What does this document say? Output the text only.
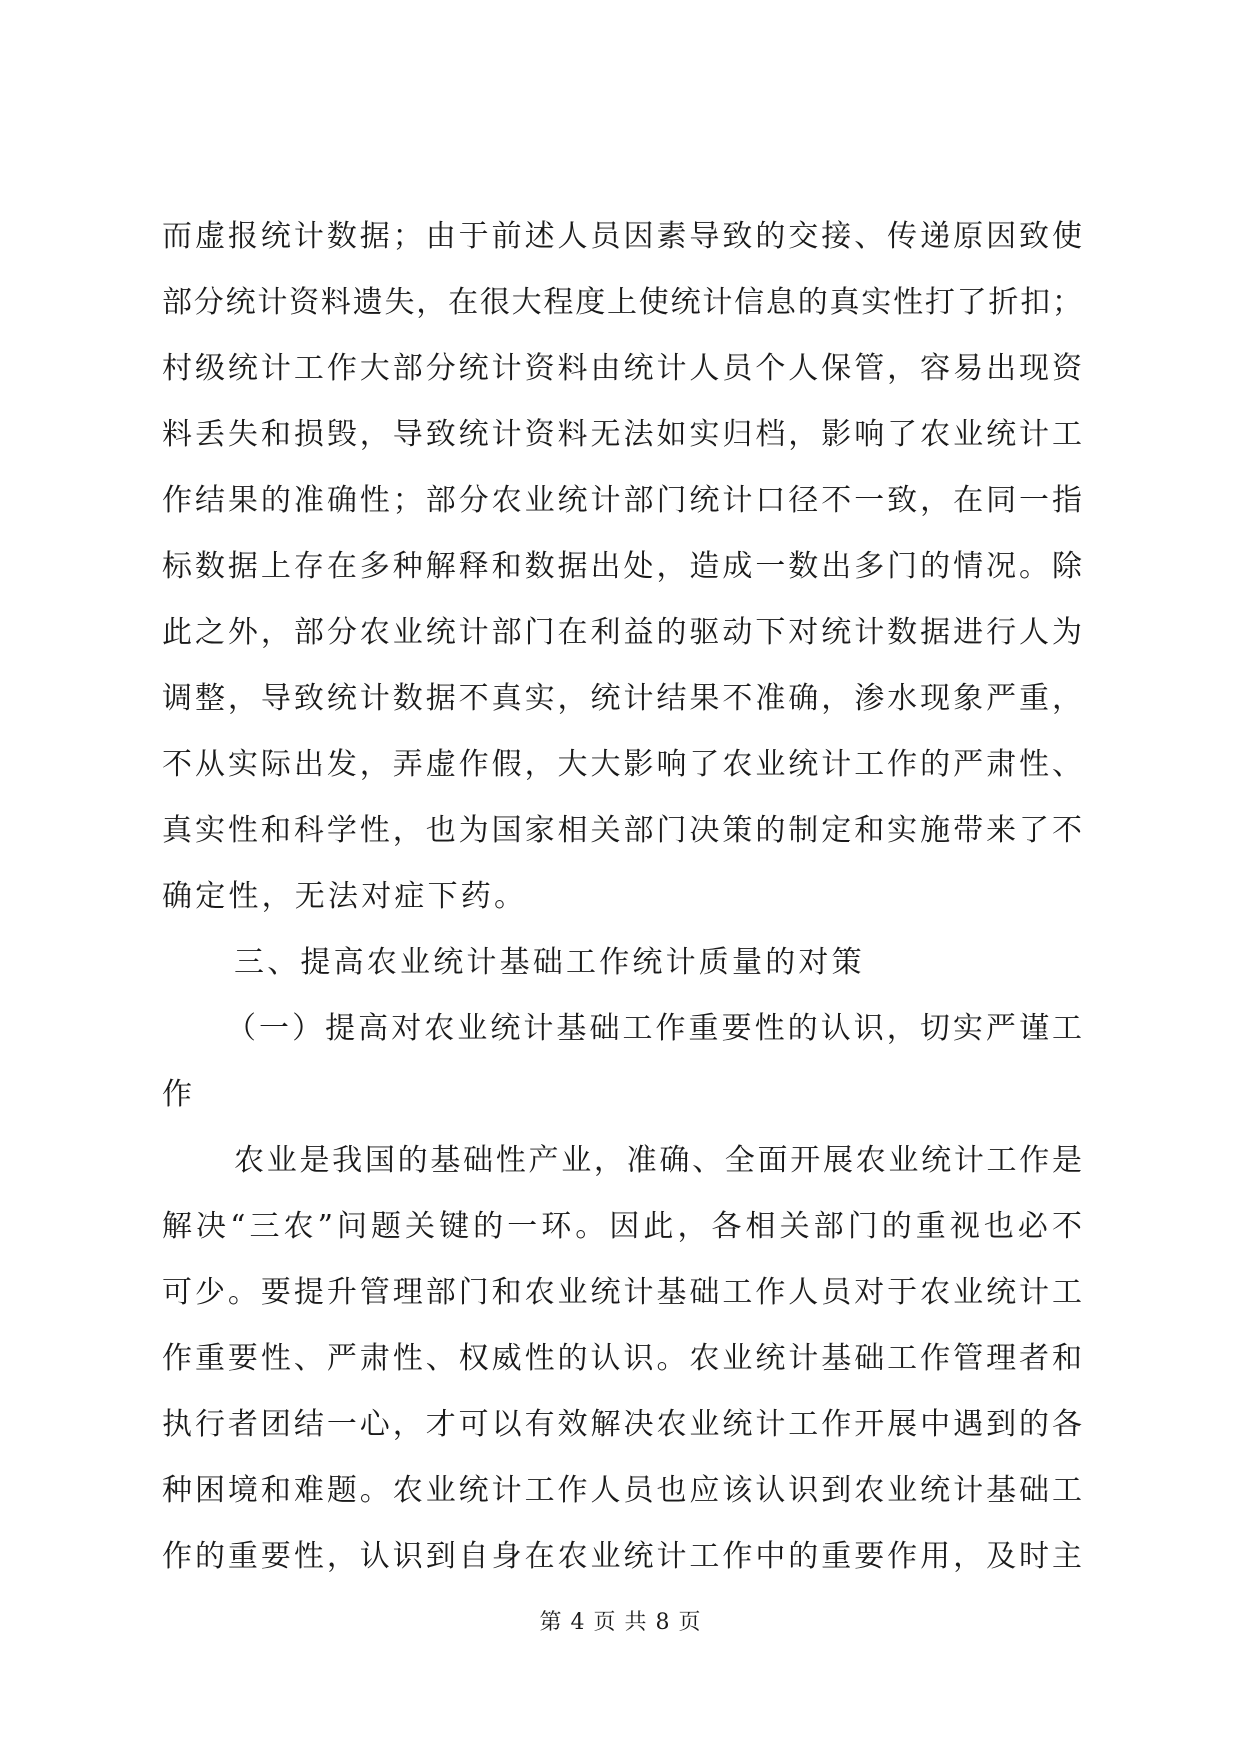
而虚报统计数据；由于前述人员因素导致的交接、传递原因致使
部分统计资料遗失，在很大程度上使统计信息的真实性打了折扣；
村级统计工作大部分统计资料由统计人员个人保管，容易出现资
料丢失和损毁，导致统计资料无法如实归档，影响了农业统计工
作结果的准确性；部分农业统计部门统计口径不一致，在同一指
标数据上存在多种解释和数据出处，造成一数出多门的情况。除
此之外，部分农业统计部门在利益的驱动下对统计数据进行人为
调整，导致统计数据不真实，统计结果不准确，渗水现象严重，
不从实际出发，弄虚作假，大大影响了农业统计工作的严肃性、
真实性和科学性，也为国家相关部门决策的制定和实施带来了不
确定性，无法对症下药。
三、提高农业统计基础工作统计质量的对策
（一）提高对农业统计基础工作重要性的认识，切实严谨工
作
农业是我国的基础性产业，准确、全面开展农业统计工作是
解决“三农”问题关键的一环。因此，各相关部门的重视也必不
可少。要提升管理部门和农业统计基础工作人员对于农业统计工
作重要性、严肃性、权威性的认识。农业统计基础工作管理者和
执行者团结一心，才可以有效解决农业统计工作开展中遇到的各
种困境和难题。农业统计工作人员也应该认识到农业统计基础工
作的重要性，认识到自身在农业统计工作中的重要作用，及时主
第 4 页 共 8 页
